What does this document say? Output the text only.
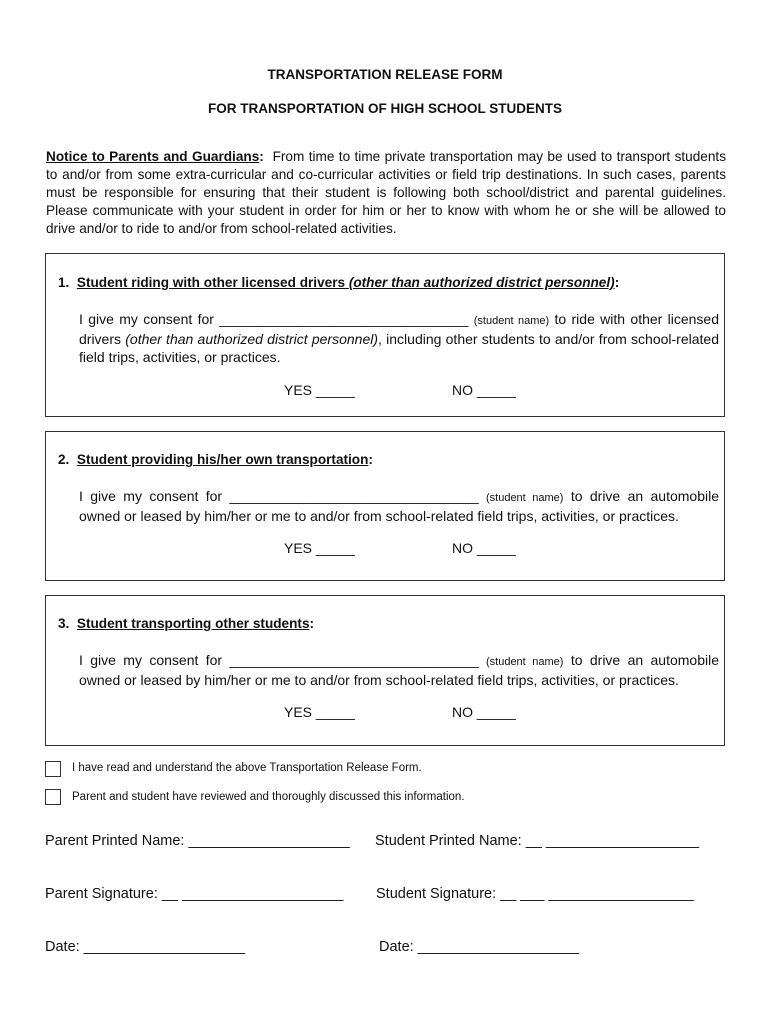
TRANSPORTATION RELEASE FORM
FOR TRANSPORTATION OF HIGH SCHOOL STUDENTS
Notice to Parents and Guardians: From time to time private transportation may be used to transport students to and/or from some extra-curricular and co-curricular activities or field trip destinations. In such cases, parents must be responsible for ensuring that their student is following both school/district and parental guidelines. Please communicate with your student in order for him or her to know with whom he or she will be allowed to drive and/or to ride to and/or from school-related activities.
1. Student riding with other licensed drivers (other than authorized district personnel):
I give my consent for ________________________________ (student name) to ride with other licensed drivers (other than authorized district personnel), including other students to and/or from school-related field trips, activities, or practices.
YES _____	NO _____
2. Student providing his/her own transportation:
I give my consent for ________________________________ (student name) to drive an automobile owned or leased by him/her or me to and/or from school-related field trips, activities, or practices.
YES _____	NO _____
3. Student transporting other students:
I give my consent for ________________________________ (student name) to drive an automobile owned or leased by him/her or me to and/or from school-related field trips, activities, or practices.
YES _____	NO _____
I have read and understand the above Transportation Release Form.
Parent and student have reviewed and thoroughly discussed this information.
Parent Printed Name: ____________________ Student Printed Name: __ ___________________
Parent Signature: __ ____________________ Student Signature: __ ___ __________________
Date: ____________________	Date: ____________________
